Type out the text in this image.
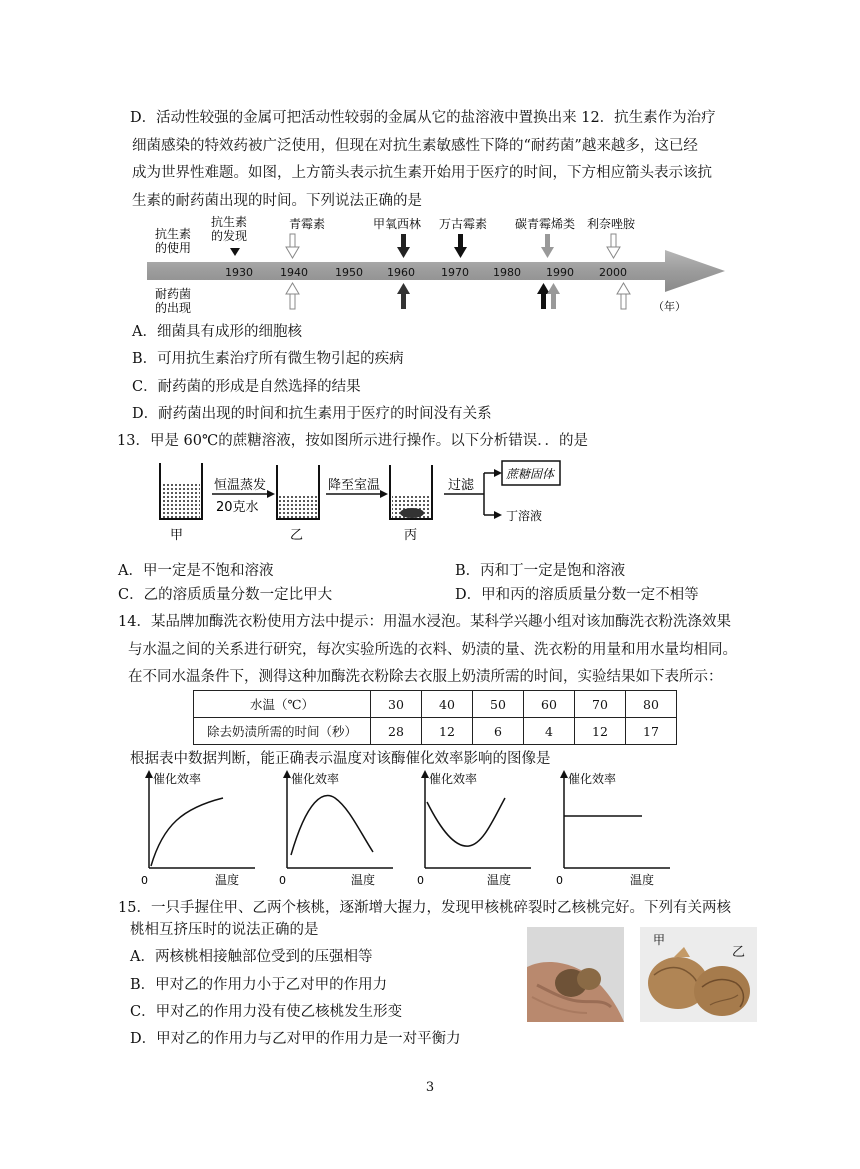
D．活动性较强的金属可把活动性较弱的金属从它的盐溶液中置换出来 12．抗生素作为治疗
细菌感染的特效药被广泛使用，但现在对抗生素敏感性下降的“耐药菌”越来越多，这已经
成为世界性难题。如图，上方箭头表示抗生素开始用于医疗的时间，下方相应箭头表示该抗
生素的耐药菌出现的时间。下列说法正确的是
抗生素
的使用
耐药菌
的出现
1930 1940 1950 1960 1970 1980 1990 2000
抗生素
的发现
青霉素	甲氧西林 万古霉素 碳青霉烯类 利奈唑胺
（年）
A．细菌具有成形的细胞核
B．可用抗生素治疗所有微生物引起的疾病
C．耐药菌的形成是自然选择的结果
D．耐药菌出现的时间和抗生素用于医疗的时间没有关系
13．甲是 60℃的蔗糖溶液，按如图所示进行操作。以下分析错误．．的是
甲	乙	丙
恒温蒸发
20克水
降至室温	过滤
蔗糖固体
丁溶液
A．甲一定是不饱和溶液	B．丙和丁一定是饱和溶液
C．乙的溶质质量分数一定比甲大	D．甲和丙的溶质质量分数一定不相等
14．某品牌加酶洗衣粉使用方法中提示：用温水浸泡。某科学兴趣小组对该加酶洗衣粉洗涤效果
与水温之间的关系进行研究，每次实验所选的衣料、奶渍的量、洗衣粉的用量和用水量均相同。
在不同水温条件下，测得这种加酶洗衣粉除去衣服上奶渍所需的时间，实验结果如下表所示：
水温（℃）	30	40	50	60	70	80
除去奶渍所需的时间（秒）	28	12	6	4	12	17
根据表中数据判断，能正确表示温度对该酶催化效率影响的图像是
催化效率
0	温度
催化效率
0	温度
催化效率
0	温度
催化效率
0	温度
15．一只手握住甲、乙两个核桃，逐渐增大握力，发现甲核桃碎裂时乙核桃完好。下列有关两核
桃相互挤压时的说法正确的是
A．两核桃相接触部位受到的压强相等
B．甲对乙的作用力小于乙对甲的作用力
C．甲对乙的作用力没有使乙核桃发生形变
D．甲对乙的作用力与乙对甲的作用力是一对平衡力
甲
乙
3
